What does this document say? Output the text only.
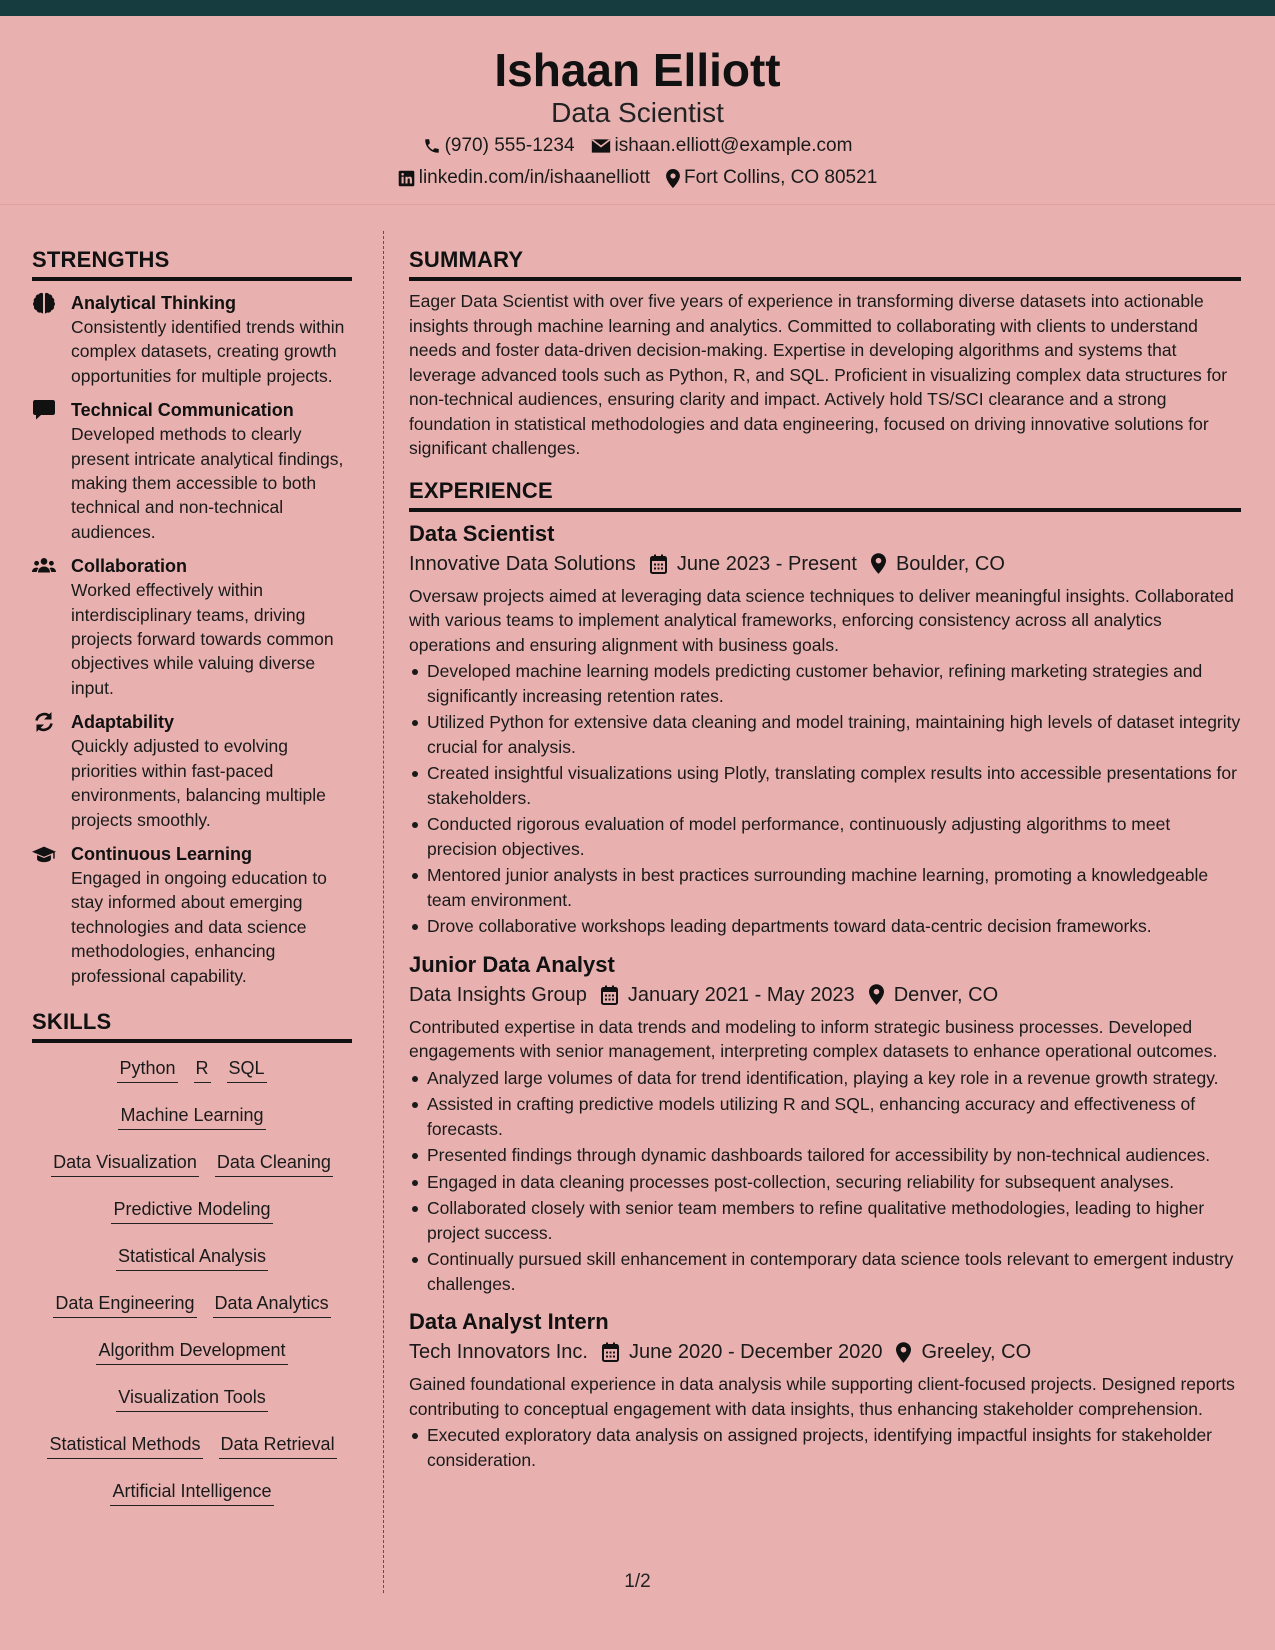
Ishaan Elliott
Data Scientist
(970) 555-1234 ishaan.elliott@example.com
linkedin.com/in/ishaanelliott Fort Collins, CO 80521
STRENGTHS
Analytical Thinking
Consistently identified trends within complex datasets, creating growth opportunities for multiple projects.
Technical Communication
Developed methods to clearly present intricate analytical findings, making them accessible to both technical and non-technical audiences.
Collaboration
Worked effectively within interdisciplinary teams, driving projects forward towards common objectives while valuing diverse input.
Adaptability
Quickly adjusted to evolving priorities within fast-paced environments, balancing multiple projects smoothly.
Continuous Learning
Engaged in ongoing education to stay informed about emerging technologies and data science methodologies, enhancing professional capability.
SKILLS
Python R SQL
Machine Learning
Data Visualization Data Cleaning
Predictive Modeling
Statistical Analysis
Data Engineering Data Analytics
Algorithm Development
Visualization Tools
Statistical Methods Data Retrieval
Artificial Intelligence
SUMMARY
Eager Data Scientist with over five years of experience in transforming diverse datasets into actionable insights through machine learning and analytics. Committed to collaborating with clients to understand needs and foster data-driven decision-making. Expertise in developing algorithms and systems that leverage advanced tools such as Python, R, and SQL. Proficient in visualizing complex data structures for non-technical audiences, ensuring clarity and impact. Actively hold TS/SCI clearance and a strong foundation in statistical methodologies and data engineering, focused on driving innovative solutions for significant challenges.
EXPERIENCE
Data Scientist
Innovative Data Solutions June 2023 - Present Boulder, CO
Oversaw projects aimed at leveraging data science techniques to deliver meaningful insights. Collaborated with various teams to implement analytical frameworks, enforcing consistency across all analytics operations and ensuring alignment with business goals.
Developed machine learning models predicting customer behavior, refining marketing strategies and significantly increasing retention rates.
Utilized Python for extensive data cleaning and model training, maintaining high levels of dataset integrity crucial for analysis.
Created insightful visualizations using Plotly, translating complex results into accessible presentations for stakeholders.
Conducted rigorous evaluation of model performance, continuously adjusting algorithms to meet precision objectives.
Mentored junior analysts in best practices surrounding machine learning, promoting a knowledgeable team environment.
Drove collaborative workshops leading departments toward data-centric decision frameworks.
Junior Data Analyst
Data Insights Group January 2021 - May 2023 Denver, CO
Contributed expertise in data trends and modeling to inform strategic business processes. Developed engagements with senior management, interpreting complex datasets to enhance operational outcomes.
Analyzed large volumes of data for trend identification, playing a key role in a revenue growth strategy.
Assisted in crafting predictive models utilizing R and SQL, enhancing accuracy and effectiveness of forecasts.
Presented findings through dynamic dashboards tailored for accessibility by non-technical audiences.
Engaged in data cleaning processes post-collection, securing reliability for subsequent analyses.
Collaborated closely with senior team members to refine qualitative methodologies, leading to higher project success.
Continually pursued skill enhancement in contemporary data science tools relevant to emergent industry challenges.
Data Analyst Intern
Tech Innovators Inc. June 2020 - December 2020 Greeley, CO
Gained foundational experience in data analysis while supporting client-focused projects. Designed reports contributing to conceptual engagement with data insights, thus enhancing stakeholder comprehension.
Executed exploratory data analysis on assigned projects, identifying impactful insights for stakeholder consideration.
1/2
